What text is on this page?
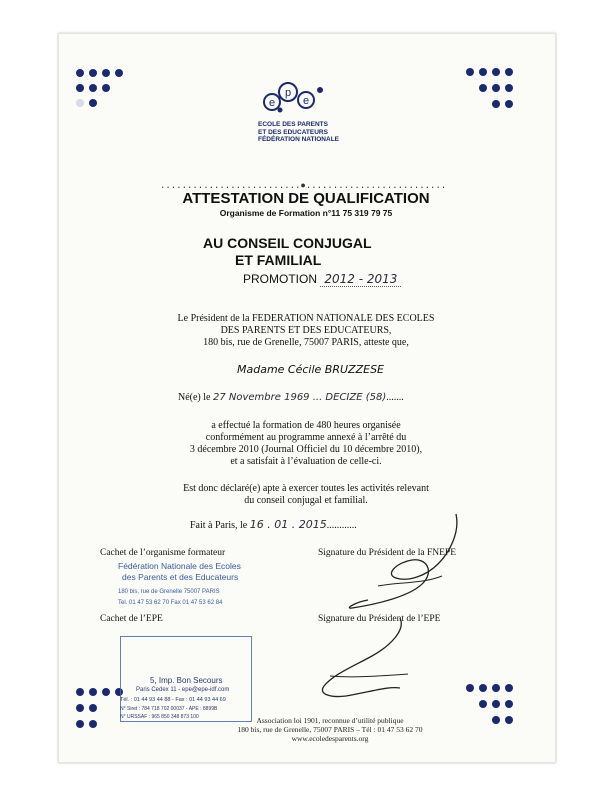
p
e	e
ECOLE DES PARENTS
ET DES EDUCATEURS
FÉDÉRATION NATIONALE
..........................●..........................
ATTESTATION DE QUALIFICATION
Organisme de Formation n°11 75 319 79 75
AU CONSEIL CONJUGAL
ET FAMILIAL
PROMOTION 2012 - 2013
Le Président de la FEDERATION NATIONALE DES ECOLES
DES PARENTS ET DES EDUCATEURS,
180 bis, rue de Grenelle, 75007 PARIS, atteste que,
Madame Cécile BRUZZESE
Né(e) le 27 Novembre 1969 ... DECIZE (58).......
a effectué la formation de 480 heures organisée
conformément au programme annexé à l’arrêté du
3 décembre 2010 (Journal Officiel du 10 décembre 2010),
et a satisfait à l’évaluation de celle-ci.
Est donc déclaré(e) apte à exercer toutes les activités relevant
du conseil conjugal et familial.
Fait à Paris, le 16 . 01 . 2015............
Cachet de l’organisme formateur	Signature du Président de la FNEPE
Fédération Nationale des Ecoles
des Parents et des Educateurs
180 bis, rue de Grenelle 75007 PARIS
Tel. 01 47 53 62 70 Fax 01 47 53 62 84
Cachet de l’EPE	Signature du Président de l’EPE
5, Imp. Bon Secours
Paris Cedex 11 - epe@epe-idf.com
Tél. : 01 44 93 44 88 - Fax : 01 44 93 44 69
N° Siret : 784 718 702 00037 - APE : 8899B
N° URSSAF : 965 850 348 873 100	Association loi 1901, reconnue d’utilité publique
180 bis, rue de Grenelle, 75007 PARIS – Tél : 01 47 53 62 70
www.ecoledesparents.org
